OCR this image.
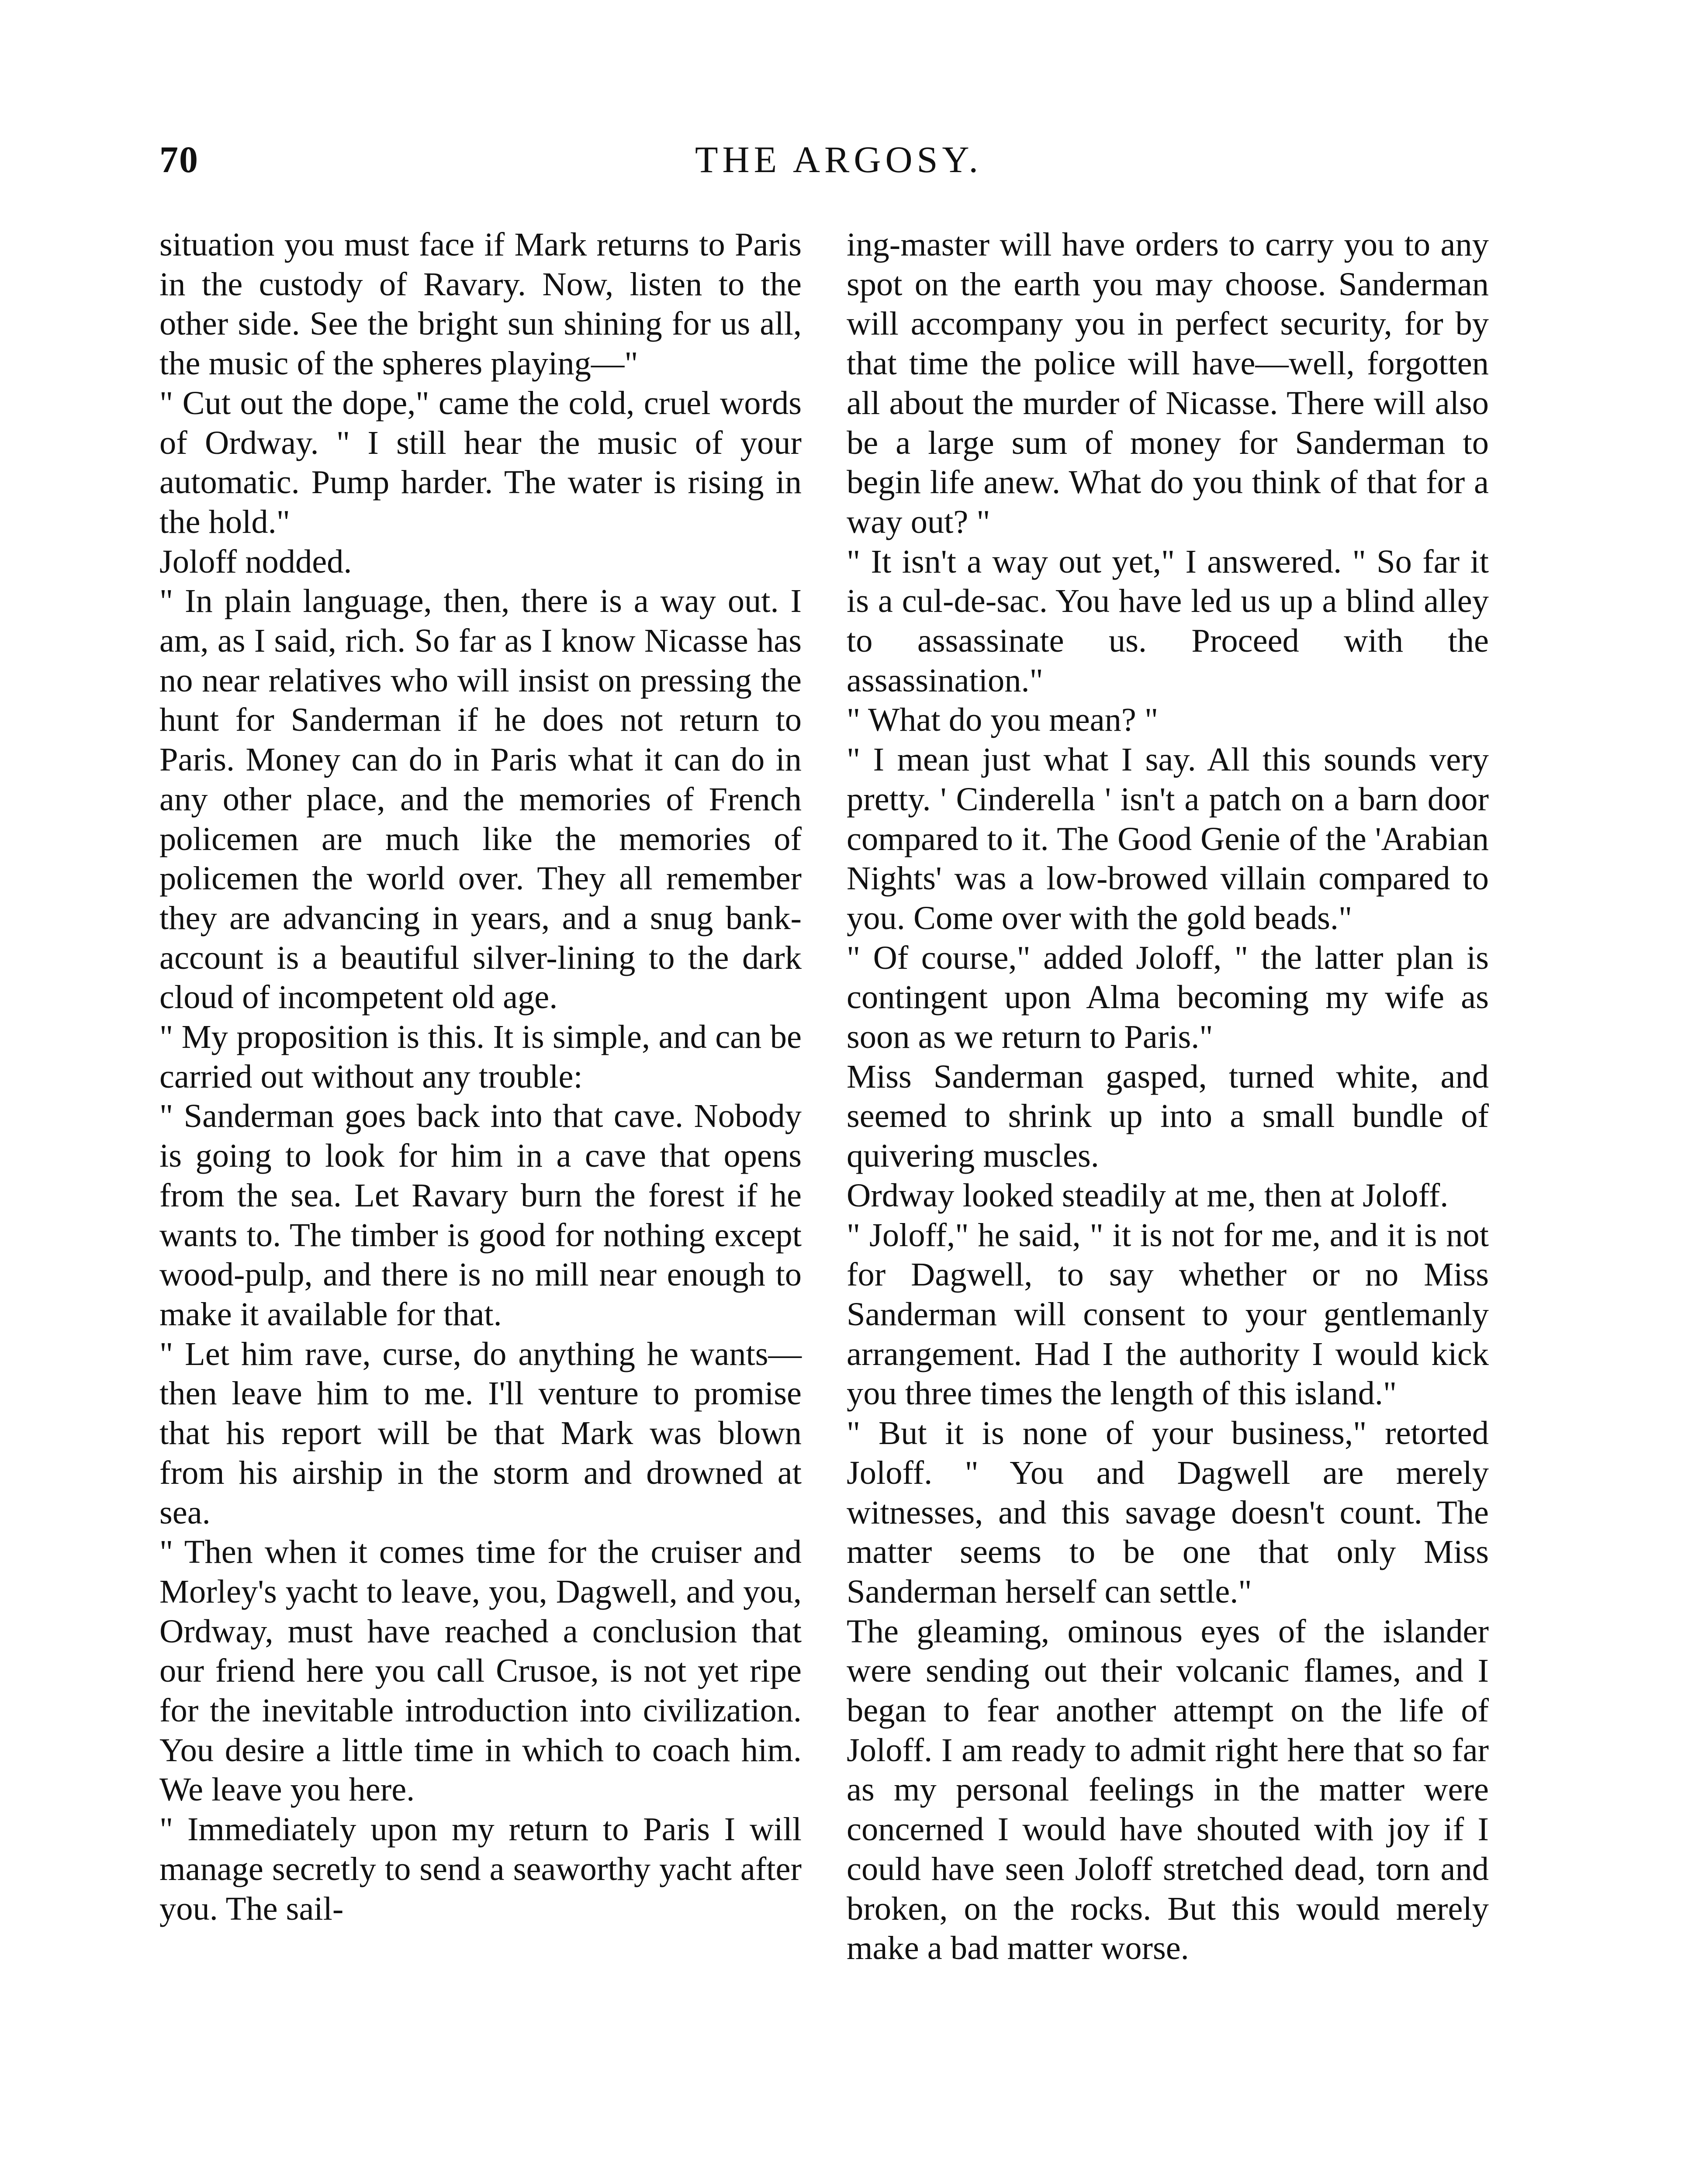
70	THE ARGOSY.

situation you must face if Mark returns to Paris in the custody of Ravary. Now, listen to the other side. See the bright sun shining for us all, the music of the spheres playing—"

" Cut out the dope," came the cold, cruel words of Ordway. " I still hear the music of your automatic. Pump harder. The water is rising in the hold."

Joloff nodded.

" In plain language, then, there is a way out. I am, as I said, rich. So far as I know Nicasse has no near relatives who will insist on pressing the hunt for Sanderman if he does not return to Paris. Money can do in Paris what it can do in any other place, and the memories of French policemen are much like the memories of policemen the world over. They all remember they are advancing in years, and a snug bank-account is a beautiful silver-lining to the dark cloud of incompetent old age.

" My proposition is this. It is simple, and can be carried out without any trouble:

" Sanderman goes back into that cave. Nobody is going to look for him in a cave that opens from the sea. Let Ravary burn the forest if he wants to. The timber is good for nothing except wood-pulp, and there is no mill near enough to make it available for that.

" Let him rave, curse, do anything he wants—then leave him to me. I'll venture to promise that his report will be that Mark was blown from his airship in the storm and drowned at sea.

" Then when it comes time for the cruiser and Morley's yacht to leave, you, Dagwell, and you, Ordway, must have reached a conclusion that our friend here you call Crusoe, is not yet ripe for the inevitable introduction into civilization. You desire a little time in which to coach him. We leave you here.

" Immediately upon my return to Paris I will manage secretly to send a seaworthy yacht after you. The sail-

ing-master will have orders to carry you to any spot on the earth you may choose. Sanderman will accompany you in perfect security, for by that time the police will have—well, forgotten all about the murder of Nicasse. There will also be a large sum of money for Sanderman to begin life anew. What do you think of that for a way out? "

" It isn't a way out yet," I answered. " So far it is a cul-de-sac. You have led us up a blind alley to assassinate us. Proceed with the assassination."

" What do you mean? "

" I mean just what I say. All this sounds very pretty. ' Cinderella ' isn't a patch on a barn door compared to it. The Good Genie of the 'Arabian Nights' was a low-browed villain compared to you. Come over with the gold beads."

" Of course," added Joloff, " the latter plan is contingent upon Alma becoming my wife as soon as we return to Paris."

Miss Sanderman gasped, turned white, and seemed to shrink up into a small bundle of quivering muscles.

Ordway looked steadily at me, then at Joloff.

" Joloff," he said, " it is not for me, and it is not for Dagwell, to say whether or no Miss Sanderman will consent to your gentlemanly arrangement. Had I the authority I would kick you three times the length of this island."

" But it is none of your business," retorted Joloff. " You and Dagwell are merely witnesses, and this savage doesn't count. The matter seems to be one that only Miss Sanderman herself can settle."

The gleaming, ominous eyes of the islander were sending out their volcanic flames, and I began to fear another attempt on the life of Joloff. I am ready to admit right here that so far as my personal feelings in the matter were concerned I would have shouted with joy if I could have seen Joloff stretched dead, torn and broken, on the rocks. But this would merely make a bad matter worse.
